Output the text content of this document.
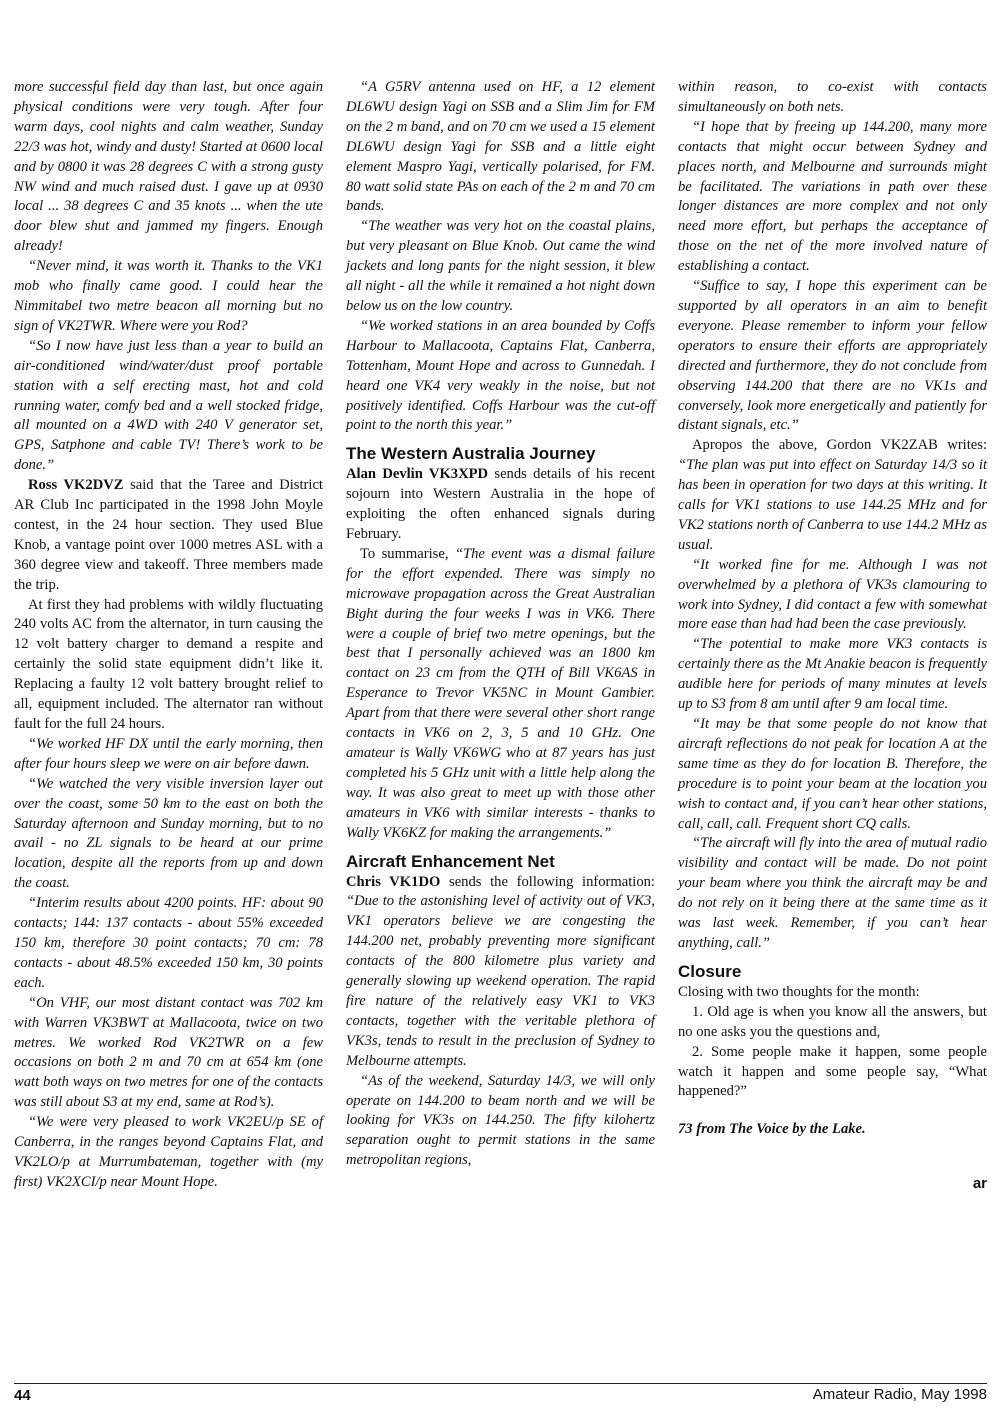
more successful field day than last, but once again physical conditions were very tough. After four warm days, cool nights and calm weather, Sunday 22/3 was hot, windy and dusty! Started at 0600 local and by 0800 it was 28 degrees C with a strong gusty NW wind and much raised dust. I gave up at 0930 local ... 38 degrees C and 35 knots ... when the ute door blew shut and jammed my fingers. Enough already!

“Never mind, it was worth it. Thanks to the VK1 mob who finally came good. I could hear the Nimmitabel two metre beacon all morning but no sign of VK2TWR. Where were you Rod?

“So I now have just less than a year to build an air-conditioned wind/water/dust proof portable station with a self erecting mast, hot and cold running water, comfy bed and a well stocked fridge, all mounted on a 4WD with 240 V generator set, GPS, Satphone and cable TV! There’s work to be done.”

Ross VK2DVZ said that the Taree and District AR Club Inc participated in the 1998 John Moyle contest, in the 24 hour section. They used Blue Knob, a vantage point over 1000 metres ASL with a 360 degree view and takeoff. Three members made the trip.

At first they had problems with wildly fluctuating 240 volts AC from the alternator, in turn causing the 12 volt battery charger to demand a respite and certainly the solid state equipment didn’t like it. Replacing a faulty 12 volt battery brought relief to all, equipment included. The alternator ran without fault for the full 24 hours.

“We worked HF DX until the early morning, then after four hours sleep we were on air before dawn.

“We watched the very visible inversion layer out over the coast, some 50 km to the east on both the Saturday afternoon and Sunday morning, but to no avail - no ZL signals to be heard at our prime location, despite all the reports from up and down the coast.

“Interim results about 4200 points. HF: about 90 contacts; 144: 137 contacts - about 55% exceeded 150 km, therefore 30 point contacts; 70 cm: 78 contacts - about 48.5% exceeded 150 km, 30 points each.

“On VHF, our most distant contact was 702 km with Warren VK3BWT at Mallacoota, twice on two metres. We worked Rod VK2TWR on a few occasions on both 2 m and 70 cm at 654 km (one watt both ways on two metres for one of the contacts was still about S3 at my end, same at Rod’s).

“We were very pleased to work VK2EU/p SE of Canberra, in the ranges beyond Captains Flat, and VK2LO/p at Murrumbateman, together with (my first) VK2XCI/p near Mount Hope.

“A G5RV antenna used on HF, a 12 element DL6WU design Yagi on SSB and a Slim Jim for FM on the 2 m band, and on 70 cm we used a 15 element DL6WU design Yagi for SSB and a little eight element Maspro Yagi, vertically polarised, for FM. 80 watt solid state PAs on each of the 2 m and 70 cm bands.

“The weather was very hot on the coastal plains, but very pleasant on Blue Knob. Out came the wind jackets and long pants for the night session, it blew all night - all the while it remained a hot night down below us on the low country.

“We worked stations in an area bounded by Coffs Harbour to Mallacoota, Captains Flat, Canberra, Tottenham, Mount Hope and across to Gunnedah. I heard one VK4 very weakly in the noise, but not positively identified. Coffs Harbour was the cut-off point to the north this year.”

The Western Australia Journey

Alan Devlin VK3XPD sends details of his recent sojourn into Western Australia in the hope of exploiting the often enhanced signals during February.

To summarise, “The event was a dismal failure for the effort expended. There was simply no microwave propagation across the Great Australian Bight during the four weeks I was in VK6. There were a couple of brief two metre openings, but the best that I personally achieved was an 1800 km contact on 23 cm from the QTH of Bill VK6AS in Esperance to Trevor VK5NC in Mount Gambier. Apart from that there were several other short range contacts in VK6 on 2, 3, 5 and 10 GHz. One amateur is Wally VK6WG who at 87 years has just completed his 5 GHz unit with a little help along the way. It was also great to meet up with those other amateurs in VK6 with similar interests - thanks to Wally VK6KZ for making the arrangements.”

Aircraft Enhancement Net

Chris VK1DO sends the following information: “Due to the astonishing level of activity out of VK3, VK1 operators believe we are congesting the 144.200 net, probably preventing more significant contacts of the 800 kilometre plus variety and generally slowing up weekend operation. The rapid fire nature of the relatively easy VK1 to VK3 contacts, together with the veritable plethora of VK3s, tends to result in the preclusion of Sydney to Melbourne attempts.

“As of the weekend, Saturday 14/3, we will only operate on 144.200 to beam north and we will be looking for VK3s on 144.250. The fifty kilohertz separation ought to permit stations in the same metropolitan regions,

within reason, to co-exist with contacts simultaneously on both nets.

“I hope that by freeing up 144.200, many more contacts that might occur between Sydney and places north, and Melbourne and surrounds might be facilitated. The variations in path over these longer distances are more complex and not only need more effort, but perhaps the acceptance of those on the net of the more involved nature of establishing a contact.

“Suffice to say, I hope this experiment can be supported by all operators in an aim to benefit everyone. Please remember to inform your fellow operators to ensure their efforts are appropriately directed and furthermore, they do not conclude from observing 144.200 that there are no VK1s and conversely, look more energetically and patiently for distant signals, etc.”

Apropos the above, Gordon VK2ZAB writes: “The plan was put into effect on Saturday 14/3 so it has been in operation for two days at this writing. It calls for VK1 stations to use 144.25 MHz and for VK2 stations north of Canberra to use 144.2 MHz as usual.

“It worked fine for me. Although I was not overwhelmed by a plethora of VK3s clamouring to work into Sydney, I did contact a few with somewhat more ease than had had been the case previously.

“The potential to make more VK3 contacts is certainly there as the Mt Anakie beacon is frequently audible here for periods of many minutes at levels up to S3 from 8 am until after 9 am local time.

“It may be that some people do not know that aircraft reflections do not peak for location A at the same time as they do for location B. Therefore, the procedure is to point your beam at the location you wish to contact and, if you can’t hear other stations, call, call, call. Frequent short CQ calls.

“The aircraft will fly into the area of mutual radio visibility and contact will be made. Do not point your beam where you think the aircraft may be and do not rely on it being there at the same time as it was last week. Remember, if you can’t hear anything, call.”

Closure

Closing with two thoughts for the month:

1. Old age is when you know all the answers, but no one asks you the questions and,

2. Some people make it happen, some people watch it happen and some people say, “What happened?”

73 from The Voice by the Lake.

ar

44	Amateur Radio, May 1998
